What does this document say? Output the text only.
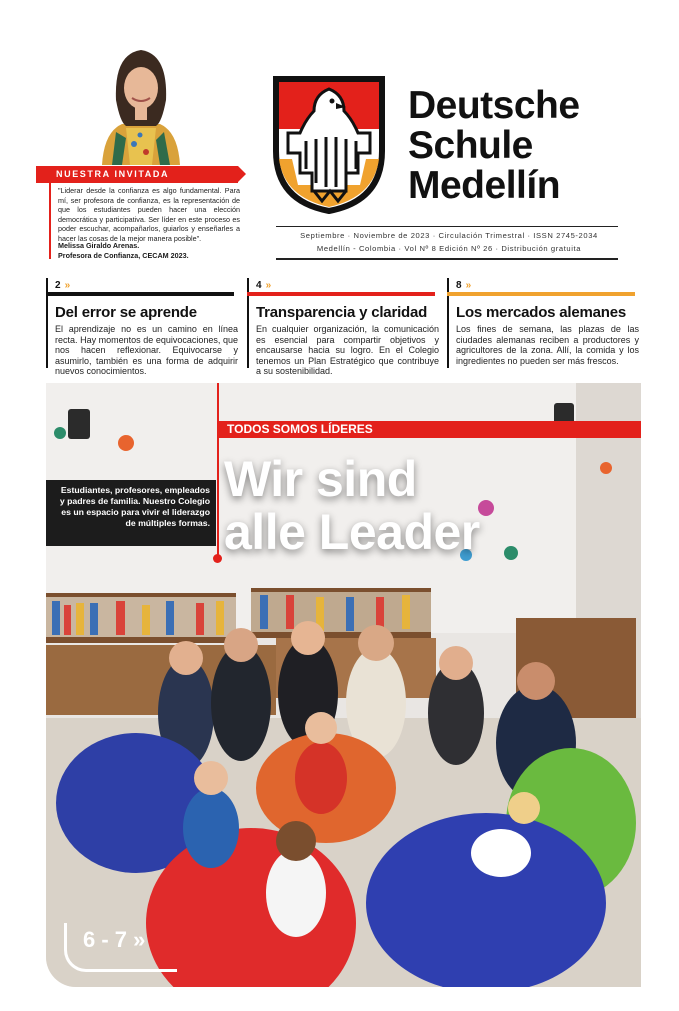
NUESTRA INVITADA
"Liderar desde la confianza es algo fundamental. Para mí, ser profesora de confianza, es la representación de que los estudiantes pueden hacer una elección democrática y participativa. Ser líder en este proceso es poder escuchar, acompañarlos, guiarlos y enseñarles a hacer las cosas de la mejor manera posible".
Melissa Giraldo Arenas.
Profesora de Confianza, CECAM 2023.
Deutsche
Schule
Medellín
Septiembre · Noviembre de 2023 · Circulación Trimestral · ISSN 2745-2034
Medellín - Colombia · Vol Nº 8 Edición Nº 26 · Distribución gratuita
2 »
Del error se aprende
El aprendizaje no es un camino en línea recta. Hay momentos de equivocaciones, que nos hacen reflexionar. Equivocarse y asumirlo, también es una forma de adquirir nuevos conocimientos.
4 »
Transparencia y claridad
En cualquier organización, la comunicación es esencial para compartir objetivos y encausarse hacia su logro. En el Colegio tenemos un Plan Estratégico que contribuye a su sostenibilidad.
8 »
Los mercados alemanes
Los fines de semana, las plazas de las ciudades alemanas reciben a productores y agricultores de la zona. Allí, la comida y los ingredientes no pueden ser más frescos.
TODOS SOMOS LÍDERES
Wir sind
alle Leader
Estudiantes, profesores, empleados y padres de familia. Nuestro Colegio es un espacio para vivir el liderazgo de múltiples formas.
6 - 7 »
